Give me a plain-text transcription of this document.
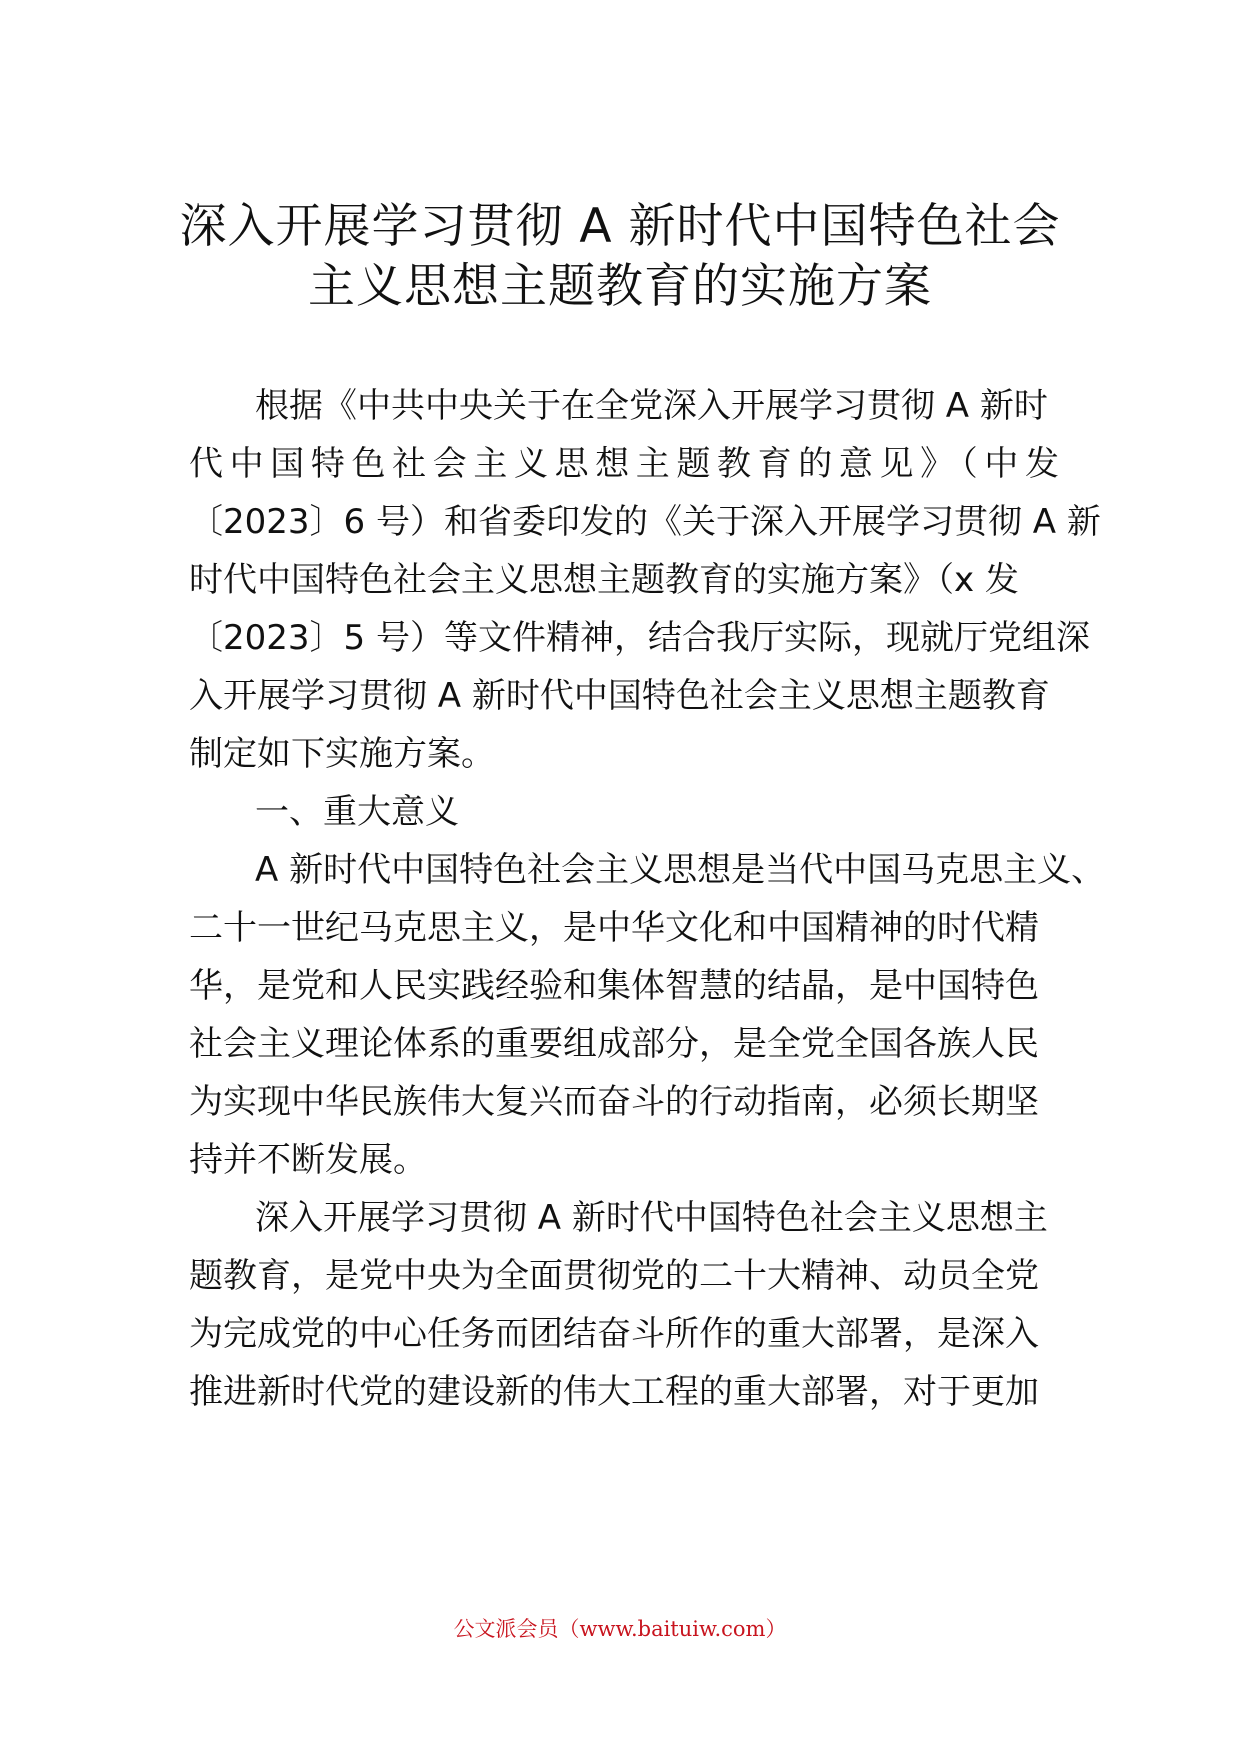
深入开展学习贯彻 A 新时代中国特色社会
主义思想主题教育的实施方案
根据《中共中央关于在全党深入开展学习贯彻 A 新时
代中国特色社会主义思想主题教育的意见》（中发
〔2023〕6 号）和省委印发的《关于深入开展学习贯彻 A 新
时代中国特色社会主义思想主题教育的实施方案》（x 发
〔2023〕5 号）等文件精神，结合我厅实际，现就厅党组深
入开展学习贯彻 A 新时代中国特色社会主义思想主题教育
制定如下实施方案。
一、重大意义
A 新时代中国特色社会主义思想是当代中国马克思主义、
二十一世纪马克思主义，是中华文化和中国精神的时代精
华，是党和人民实践经验和集体智慧的结晶，是中国特色
社会主义理论体系的重要组成部分，是全党全国各族人民
为实现中华民族伟大复兴而奋斗的行动指南，必须长期坚
持并不断发展。
深入开展学习贯彻 A 新时代中国特色社会主义思想主
题教育，是党中央为全面贯彻党的二十大精神、动员全党
为完成党的中心任务而团结奋斗所作的重大部署，是深入
推进新时代党的建设新的伟大工程的重大部署，对于更加
公文派会员（www.baituiw.com）
